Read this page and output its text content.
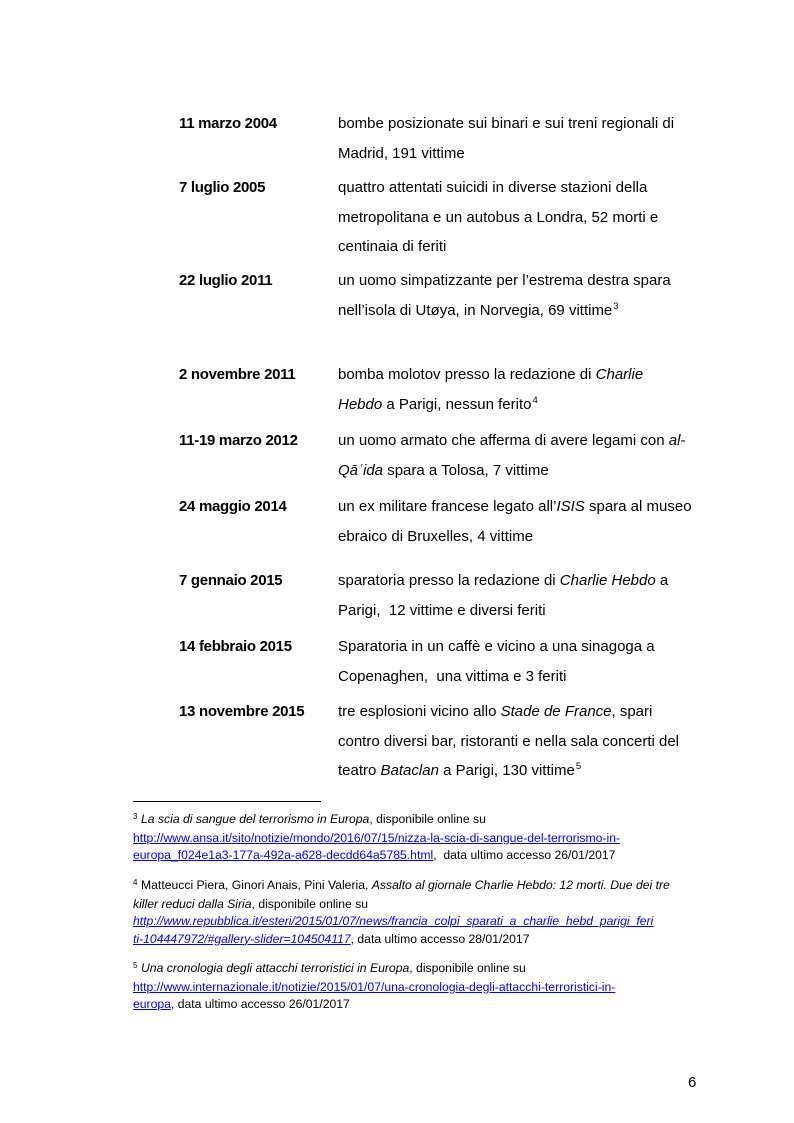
11 marzo 2004	bombe posizionate sui binari e sui treni regionali di
Madrid, 191 vittime
7 luglio 2005	quattro attentati suicidi in diverse stazioni della
metropolitana e un autobus a Londra, 52 morti e
centinaia di feriti
22 luglio 2011	un uomo simpatizzante per l’estrema destra spara
nell’isola di Utøya, in Norvegia, 69 vittime$^3$
2 novembre 2011	bomba molotov presso la redazione di Charlie
Hebdo a Parigi, nessun ferito$^4$
11-19 marzo 2012	un uomo armato che afferma di avere legami con al-
Qāʿida spara a Tolosa, 7 vittime
24 maggio 2014	un ex militare francese legato all’ISIS spara al museo
ebraico di Bruxelles, 4 vittime
7 gennaio 2015	sparatoria presso la redazione di Charlie Hebdo a
Parigi,  12 vittime e diversi feriti
14 febbraio 2015	Sparatoria in un caffè e vicino a una sinagoga a
Copenaghen,  una vittima e 3 feriti
13 novembre 2015 tre esplosioni vicino allo Stade de France, spari
contro diversi bar, ristoranti e nella sala concerti del
teatro Bataclan a Parigi, 130 vittime$^5$
3 La scia di sangue del terrorismo in Europa, disponibile online su
http://www.ansa.it/sito/notizie/mondo/2016/07/15/nizza-la-scia-di-sangue-del-terrorismo-in-
europa_f024e1a3-177a-492a-a628-decdd64a5785.html,  data ultimo accesso 26/01/2017
4 Matteucci Piera, Ginori Anais, Pini Valeria, Assalto al giornale Charlie Hebdo: 12 morti. Due dei tre
killer reduci dalla Siria, disponibile online su
http://www.repubblica.it/esteri/2015/01/07/news/francia_colpi_sparati_a_charlie_hebd_parigi_feri
ti-104447972/#gallery-slider=104504117, data ultimo accesso 28/01/2017
5 Una cronologia degli attacchi terroristici in Europa, disponibile online su
http://www.internazionale.it/notizie/2015/01/07/una-cronologia-degli-attacchi-terroristici-in-
europa, data ultimo accesso 26/01/2017
6
